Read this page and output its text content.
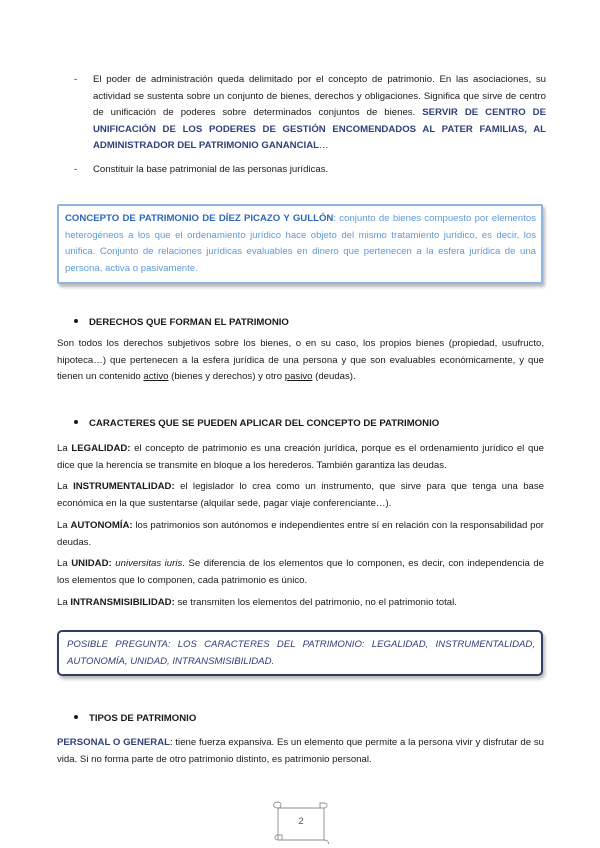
- El poder de administración queda delimitado por el concepto de patrimonio. En las asociaciones, su actividad se sustenta sobre un conjunto de bienes, derechos y obligaciones. Significa que sirve de centro de unificación de poderes sobre determinados conjuntos de bienes. SERVIR DE CENTRO DE UNIFICACIÓN DE LOS PODERES DE GESTIÓN ENCOMENDADOS AL PATER FAMILIAS, AL ADMINISTRADOR DEL PATRIMONIO GANANCIAL…
- Constituir la base patrimonial de las personas jurídicas.
CONCEPTO DE PATRIMONIO DE DÍEZ PICAZO Y GULLÓN: conjunto de bienes compuesto por elementos heterogéneos a los que el ordenamiento jurídico hace objeto del mismo tratamiento jurídico, es decir, los unifica. Conjunto de relaciones jurídicas evaluables en dinero que pertenecen a la esfera jurídica de una persona, activa o pasivamente.
DERECHOS QUE FORMAN EL PATRIMONIO

Son todos los derechos subjetivos sobre los bienes, o en su caso, los propios bienes (propiedad, usufructo, hipoteca…) que pertenecen a la esfera jurídica de una persona y que son evaluables económicamente, y que tienen un contenido activo (bienes y derechos) y otro pasivo (deudas).

CARACTERES QUE SE PUEDEN APLICAR DEL CONCEPTO DE PATRIMONIO

La LEGALIDAD: el concepto de patrimonio es una creación jurídica, porque es el ordenamiento jurídico el que dice que la herencia se transmite en bloque a los herederos. También garantiza las deudas.

La INSTRUMENTALIDAD: el legislador lo crea como un instrumento, que sirve para que tenga una base económica en la que sustentarse (alquilar sede, pagar viaje conferenciante…).

La AUTONOMÍA: los patrimonios son autónomos e independientes entre sí en relación con la responsabilidad por deudas.

La UNIDAD: universitas iuris. Se diferencia de los elementos que lo componen, es decir, con independencia de los elementos que lo componen, cada patrimonio es único.

La INTRANSMISIBILIDAD: se transmiten los elementos del patrimonio, no el patrimonio total.

POSIBLE PREGUNTA: LOS CARACTERES DEL PATRIMONIO: LEGALIDAD, INSTRUMENTALIDAD, AUTONOMÍA, UNIDAD, INTRANSMISIBILIDAD.
TIPOS DE PATRIMONIO

PERSONAL O GENERAL: tiene fuerza expansiva. Es un elemento que permite a la persona vivir y disfrutar de su vida. Si no forma parte de otro patrimonio distinto, es patrimonio personal.

2
